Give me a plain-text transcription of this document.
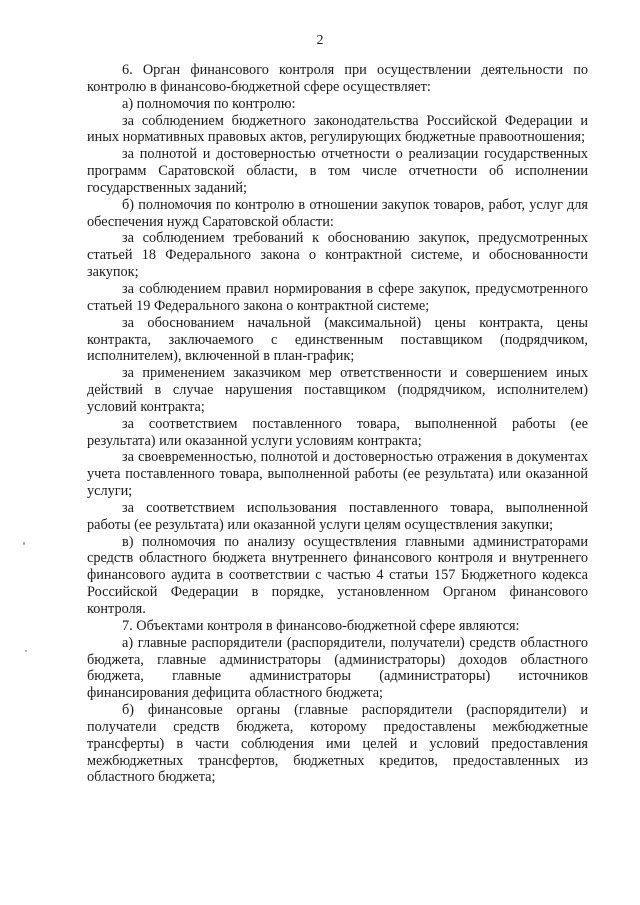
2

6. Орган финансового контроля при осуществлении деятельности по контролю в финансово-бюджетной сфере осуществляет:

а) полномочия по контролю:

за соблюдением бюджетного законодательства Российской Федерации и иных нормативных правовых актов, регулирующих бюджетные правоотношения;

за полнотой и достоверностью отчетности о реализации государственных программ Саратовской области, в том числе отчетности об исполнении государственных заданий;

б) полномочия по контролю в отношении закупок товаров, работ, услуг для обеспечения нужд Саратовской области:

за соблюдением требований к обоснованию закупок, предусмотренных статьей 18 Федерального закона о контрактной системе, и обоснованности закупок;

за соблюдением правил нормирования в сфере закупок, предусмотренного статьей 19 Федерального закона о контрактной системе;

за обоснованием начальной (максимальной) цены контракта, цены контракта, заключаемого с единственным поставщиком (подрядчиком, исполнителем), включенной в план-график;

за применением заказчиком мер ответственности и совершением иных действий в случае нарушения поставщиком (подрядчиком, исполнителем) условий контракта;

за соответствием поставленного товара, выполненной работы (ее результата) или оказанной услуги условиям контракта;

за своевременностью, полнотой и достоверностью отражения в документах учета поставленного товара, выполненной работы (ее результата) или оказанной услуги;

за соответствием использования поставленного товара, выполненной работы (ее результата) или оказанной услуги целям осуществления закупки;

в) полномочия по анализу осуществления главными администраторами средств областного бюджета внутреннего финансового контроля и внутреннего финансового аудита в соответствии с частью 4 статьи 157 Бюджетного кодекса Российской Федерации в порядке, установленном Органом финансового контроля.

7. Объектами контроля в финансово-бюджетной сфере являются:

а) главные распорядители (распорядители, получатели) средств областного бюджета, главные администраторы (администраторы) доходов областного бюджета, главные администраторы (администраторы) источников финансирования дефицита областного бюджета;

б) финансовые органы (главные распорядители (распорядители) и получатели средств бюджета, которому предоставлены межбюджетные трансферты) в части соблюдения ими целей и условий предоставления межбюджетных трансфертов, бюджетных кредитов, предоставленных из областного бюджета;
